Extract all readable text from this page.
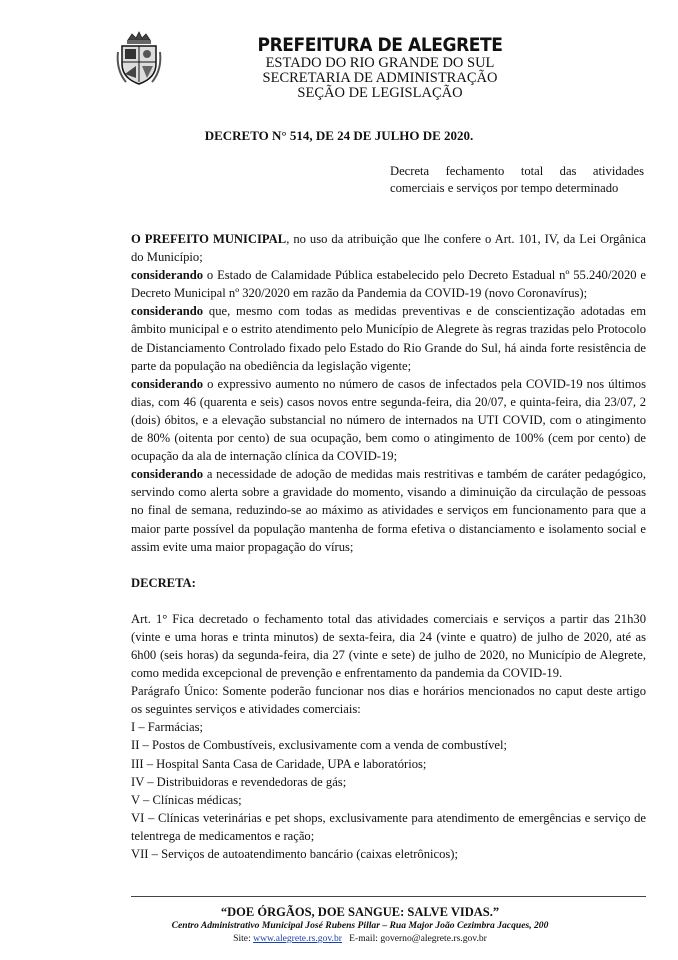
PREFEITURA DE ALEGRETE
ESTADO DO RIO GRANDE DO SUL
SECRETARIA DE ADMINISTRAÇÃO
SEÇÃO DE LEGISLAÇÃO
DECRETO N° 514, DE 24 DE JULHO DE 2020.
Decreta fechamento total das atividades comerciais e serviços por tempo determinado

O PREFEITO MUNICIPAL, no uso da atribuição que lhe confere o Art. 101, IV, da Lei Orgânica do Município;

considerando o Estado de Calamidade Pública estabelecido pelo Decreto Estadual nº 55.240/2020 e Decreto Municipal nº 320/2020 em razão da Pandemia da COVID-19 (novo Coronavírus);

considerando que, mesmo com todas as medidas preventivas e de conscientização adotadas em âmbito municipal e o estrito atendimento pelo Município de Alegrete às regras trazidas pelo Protocolo de Distanciamento Controlado fixado pelo Estado do Rio Grande do Sul, há ainda forte resistência de parte da população na obediência da legislação vigente;

considerando o expressivo aumento no número de casos de infectados pela COVID-19 nos últimos dias, com 46 (quarenta e seis) casos novos entre segunda-feira, dia 20/07, e quinta-feira, dia 23/07, 2 (dois) óbitos, e a elevação substancial no número de internados na UTI COVID, com o atingimento de 80% (oitenta por cento) de sua ocupação, bem como o atingimento de 100% (cem por cento) de ocupação da ala de internação clínica da COVID-19;

considerando a necessidade de adoção de medidas mais restritivas e também de caráter pedagógico, servindo como alerta sobre a gravidade do momento, visando a diminuição da circulação de pessoas no final de semana, reduzindo-se ao máximo as atividades e serviços em funcionamento para que a maior parte possível da população mantenha de forma efetiva o distanciamento e isolamento social e assim evite uma maior propagação do vírus;

DECRETA:

Art. 1° Fica decretado o fechamento total das atividades comerciais e serviços a partir das 21h30 (vinte e uma horas e trinta minutos) de sexta-feira, dia 24 (vinte e quatro) de julho de 2020, até as 6h00 (seis horas) da segunda-feira, dia 27 (vinte e sete) de julho de 2020, no Município de Alegrete, como medida excepcional de prevenção e enfrentamento da pandemia da COVID-19.

Parágrafo Único: Somente poderão funcionar nos dias e horários mencionados no caput deste artigo os seguintes serviços e atividades comerciais:

I – Farmácias;

II – Postos de Combustíveis, exclusivamente com a venda de combustível;

III – Hospital Santa Casa de Caridade, UPA e laboratórios;

IV – Distribuidoras e revendedoras de gás;

V – Clínicas médicas;

VI – Clínicas veterinárias e pet shops, exclusivamente para atendimento de emergências e serviço de telentrega de medicamentos e ração;

VII – Serviços de autoatendimento bancário (caixas eletrônicos);

“DOE ÓRGÃOS, DOE SANGUE: SALVE VIDAS.”
Centro Administrativo Municipal José Rubens Pillar – Rua Major João Cezimbra Jacques, 200
Site: www.alegrete.rs.gov.br E-mail: governo@alegrete.rs.gov.br
